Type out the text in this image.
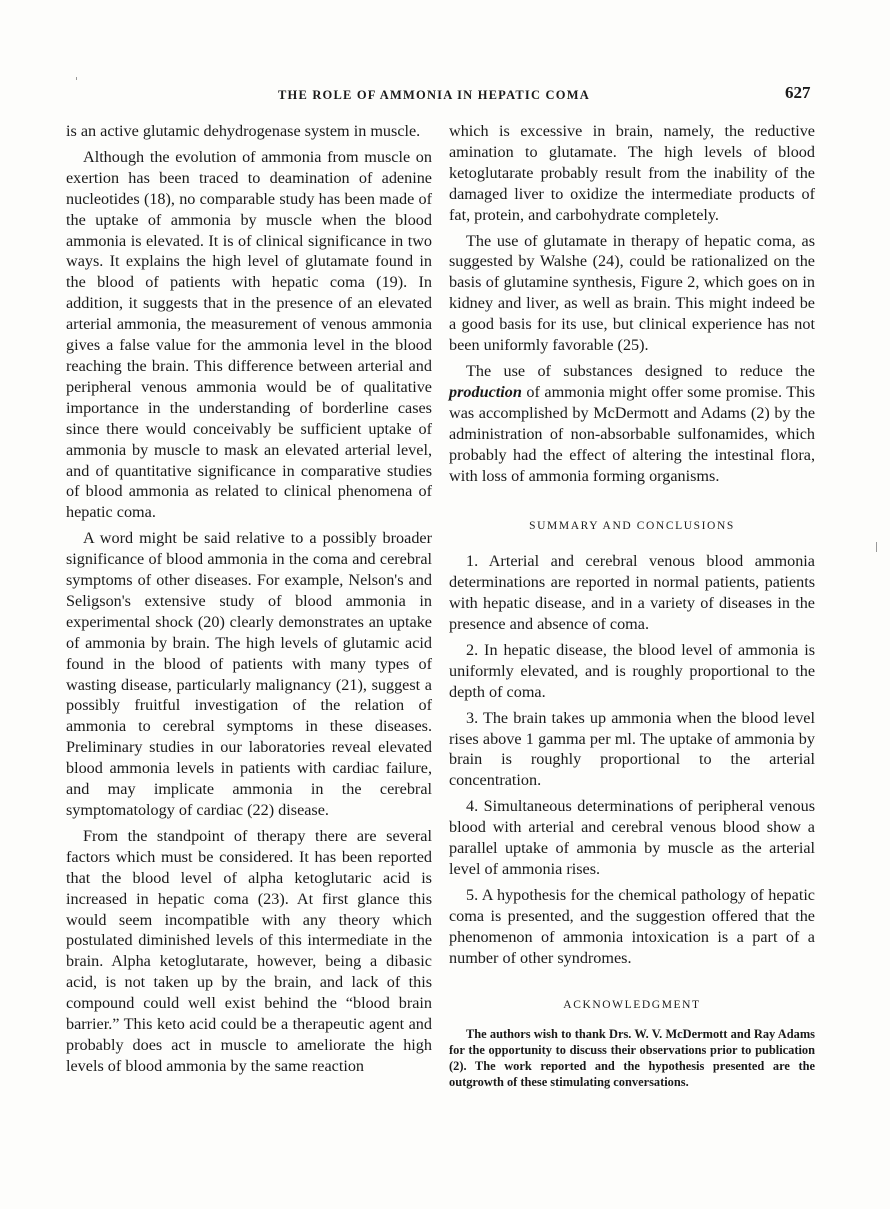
THE ROLE OF AMMONIA IN HEPATIC COMA	627

is an active glutamic dehydrogenase system in muscle.

Although the evolution of ammonia from muscle on exertion has been traced to deamination of adenine nucleotides (18), no comparable study has been made of the uptake of ammonia by muscle when the blood ammonia is elevated. It is of clinical significance in two ways. It explains the high level of glutamate found in the blood of patients with hepatic coma (19). In addition, it suggests that in the presence of an elevated arterial ammonia, the measurement of venous ammonia gives a false value for the ammonia level in the blood reaching the brain. This difference between arterial and peripheral venous ammonia would be of qualitative importance in the understanding of borderline cases since there would conceivably be sufficient uptake of ammonia by muscle to mask an elevated arterial level, and of quantitative significance in comparative studies of blood ammonia as related to clinical phenomena of hepatic coma.

A word might be said relative to a possibly broader significance of blood ammonia in the coma and cerebral symptoms of other diseases. For example, Nelson's and Seligson's extensive study of blood ammonia in experimental shock (20) clearly demonstrates an uptake of ammonia by brain. The high levels of glutamic acid found in the blood of patients with many types of wasting disease, particularly malignancy (21), suggest a possibly fruitful investigation of the relation of ammonia to cerebral symptoms in these diseases. Preliminary studies in our laboratories reveal elevated blood ammonia levels in patients with cardiac failure, and may implicate ammonia in the cerebral symptomatology of cardiac (22) disease.

From the standpoint of therapy there are several factors which must be considered. It has been reported that the blood level of alpha ketoglutaric acid is increased in hepatic coma (23). At first glance this would seem incompatible with any theory which postulated diminished levels of this intermediate in the brain. Alpha ketoglutarate, however, being a dibasic acid, is not taken up by the brain, and lack of this compound could well exist behind the “blood brain barrier.” This keto acid could be a therapeutic agent and probably does act in muscle to ameliorate the high levels of blood ammonia by the same reaction

which is excessive in brain, namely, the reductive amination to glutamate. The high levels of blood ketoglutarate probably result from the inability of the damaged liver to oxidize the intermediate products of fat, protein, and carbohydrate completely.

The use of glutamate in therapy of hepatic coma, as suggested by Walshe (24), could be rationalized on the basis of glutamine synthesis, Figure 2, which goes on in kidney and liver, as well as brain. This might indeed be a good basis for its use, but clinical experience has not been uniformly favorable (25).

The use of substances designed to reduce the production of ammonia might offer some promise. This was accomplished by McDermott and Adams (2) by the administration of non-absorbable sulfonamides, which probably had the effect of altering the intestinal flora, with loss of ammonia forming organisms.

SUMMARY AND CONCLUSIONS

1. Arterial and cerebral venous blood ammonia determinations are reported in normal patients, patients with hepatic disease, and in a variety of diseases in the presence and absence of coma.

2. In hepatic disease, the blood level of ammonia is uniformly elevated, and is roughly proportional to the depth of coma.

3. The brain takes up ammonia when the blood level rises above 1 gamma per ml. The uptake of ammonia by brain is roughly proportional to the arterial concentration.

4. Simultaneous determinations of peripheral venous blood with arterial and cerebral venous blood show a parallel uptake of ammonia by muscle as the arterial level of ammonia rises.

5. A hypothesis for the chemical pathology of hepatic coma is presented, and the suggestion offered that the phenomenon of ammonia intoxication is a part of a number of other syndromes.

ACKNOWLEDGMENT

The authors wish to thank Drs. W. V. McDermott and Ray Adams for the opportunity to discuss their observations prior to publication (2). The work reported and the hypothesis presented are the outgrowth of these stimulating conversations.
